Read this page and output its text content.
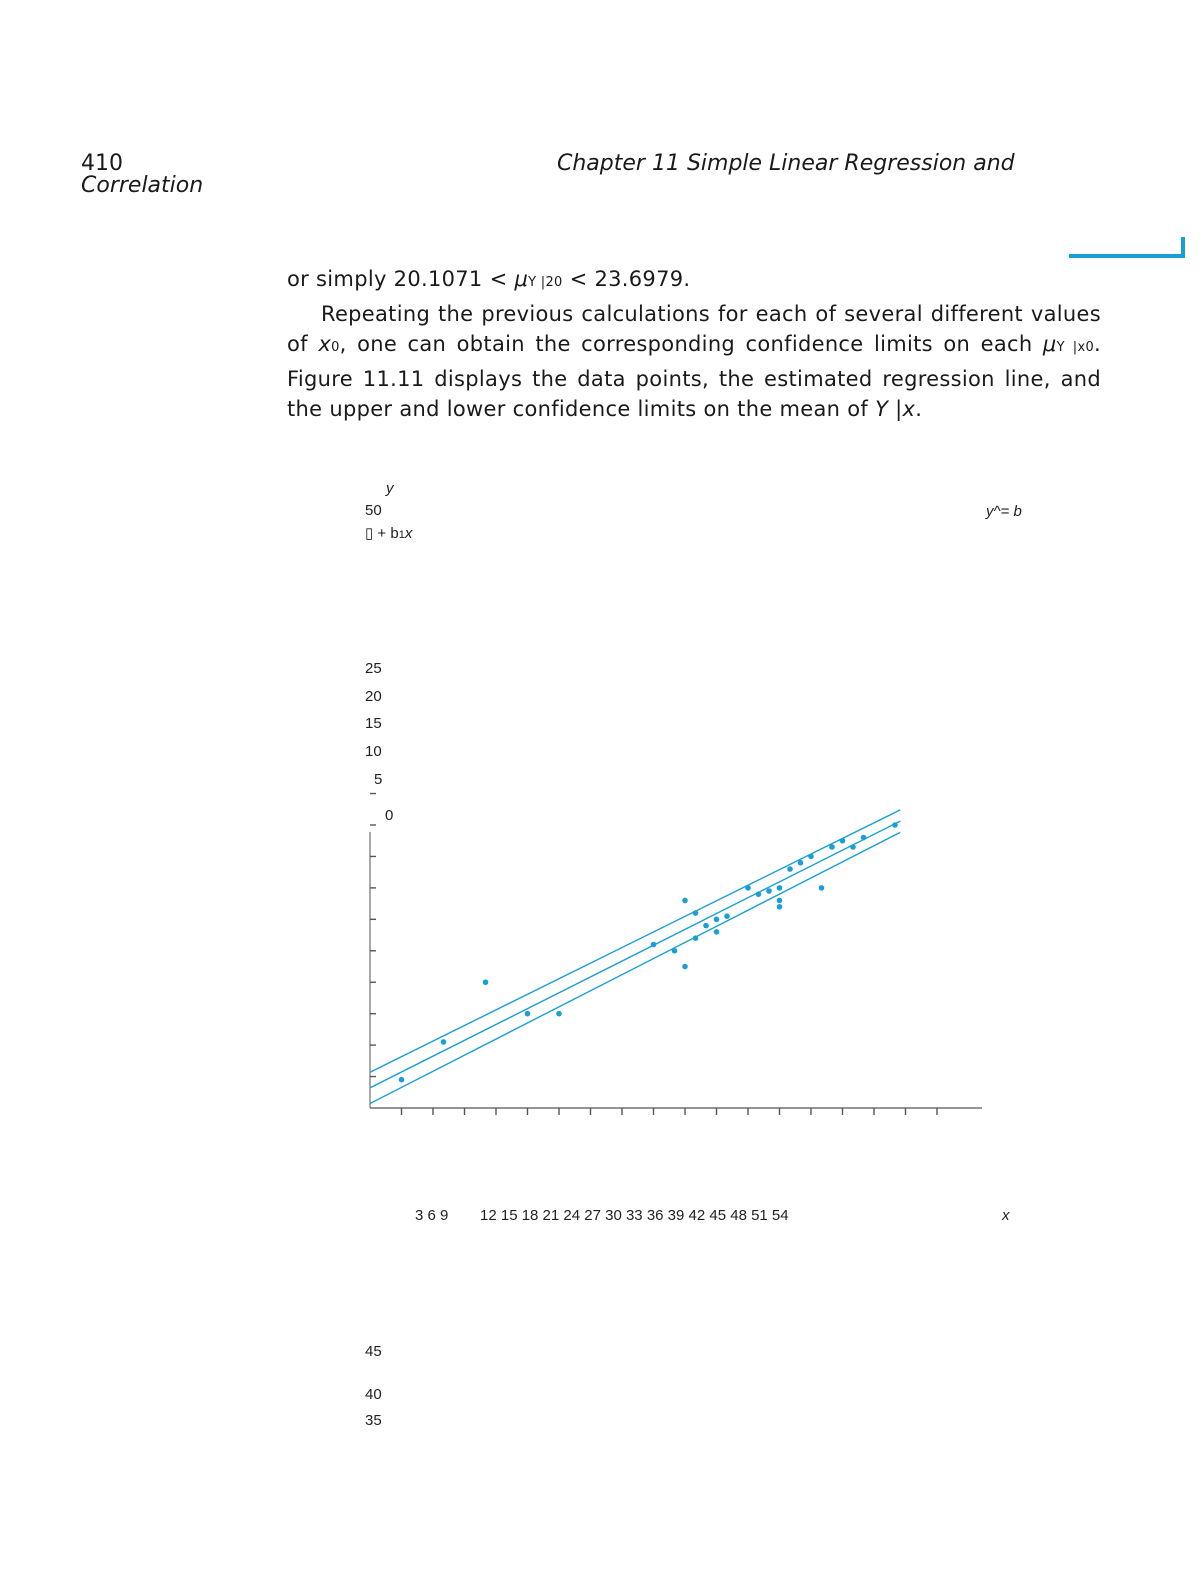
410
Correlation
Chapter 11 Simple Linear Regression and

or simply 20.1071 < μY |20 < 23.6979.

Repeating the previous calculations for each of several different values of x0, one can obtain the corresponding confidence limits on each μY |x0. Figure 11.11 displays the data points, the estimated regression line, and the upper and lower confidence limits on the mean of Y |x.

y
50	y^= b
▯ + b1x
25
20
15
10
5
0
3 6 9 12 15 18 21 24 27 30 33 36 39 42 45 48 51 54	x
45
40
35
